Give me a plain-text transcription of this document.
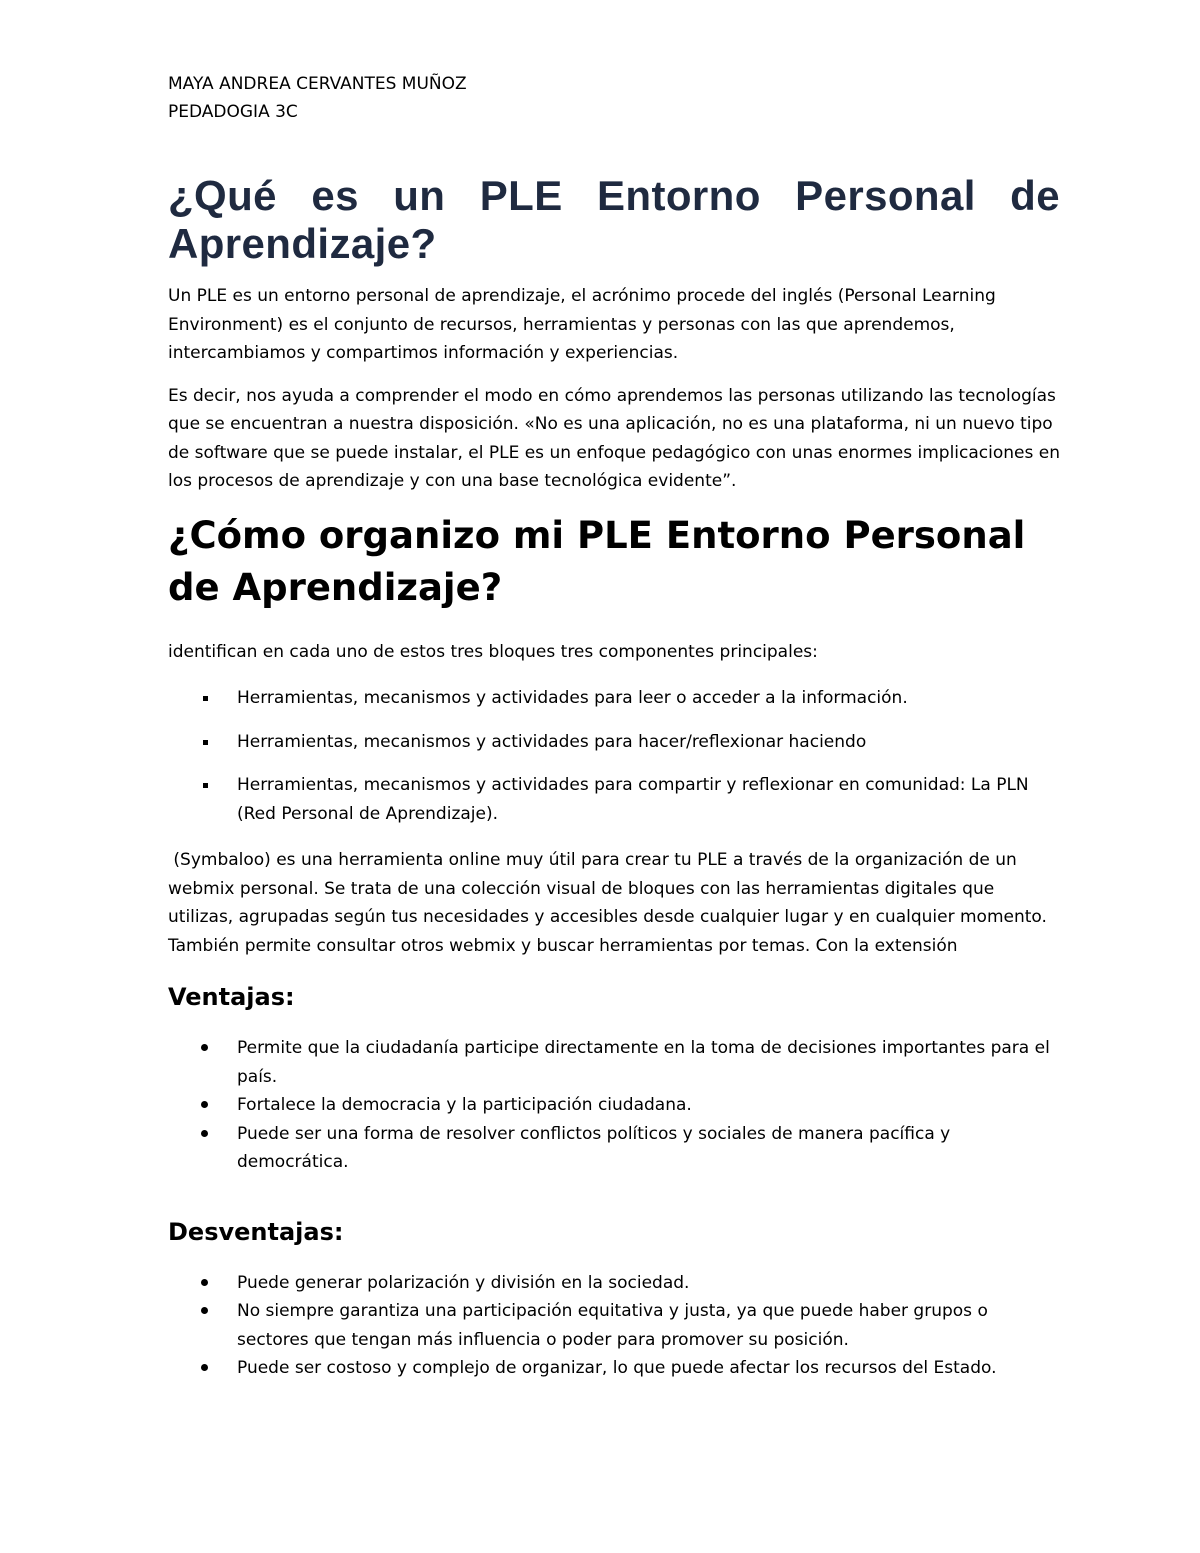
MAYA ANDREA CERVANTES MUÑOZ

PEDADOGIA 3C

¿Qué es un PLE Entorno Personal de Aprendizaje?

Un PLE es un entorno personal de aprendizaje, el acrónimo procede del inglés (Personal Learning Environment) es el conjunto de recursos, herramientas y personas con las que aprendemos, intercambiamos y compartimos información y experiencias.

Es decir, nos ayuda a comprender el modo en cómo aprendemos las personas utilizando las tecnologías que se encuentran a nuestra disposición. «No es una aplicación, no es una plataforma, ni un nuevo tipo de software que se puede instalar, el PLE es un enfoque pedagógico con unas enormes implicaciones en los procesos de aprendizaje y con una base tecnológica evidente”.

¿Cómo organizo mi PLE Entorno Personal de Aprendizaje?

identifican en cada uno de estos tres bloques tres componentes principales:

Herramientas, mecanismos y actividades para leer o acceder a la información.
Herramientas, mecanismos y actividades para hacer/reflexionar haciendo
Herramientas, mecanismos y actividades para compartir y reflexionar en comunidad: La PLN (Red Personal de Aprendizaje).

(Symbaloo) es una herramienta online muy útil para crear tu PLE a través de la organización de un webmix personal. Se trata de una colección visual de bloques con las herramientas digitales que utilizas, agrupadas según tus necesidades y accesibles desde cualquier lugar y en cualquier momento. También permite consultar otros webmix y buscar herramientas por temas. Con la extensión

Ventajas:
Permite que la ciudadanía participe directamente en la toma de decisiones importantes para el país.
Fortalece la democracia y la participación ciudadana.
Puede ser una forma de resolver conflictos políticos y sociales de manera pacífica y democrática.
Desventajas:
Puede generar polarización y división en la sociedad.
No siempre garantiza una participación equitativa y justa, ya que puede haber grupos o sectores que tengan más influencia o poder para promover su posición.
Puede ser costoso y complejo de organizar, lo que puede afectar los recursos del Estado.
